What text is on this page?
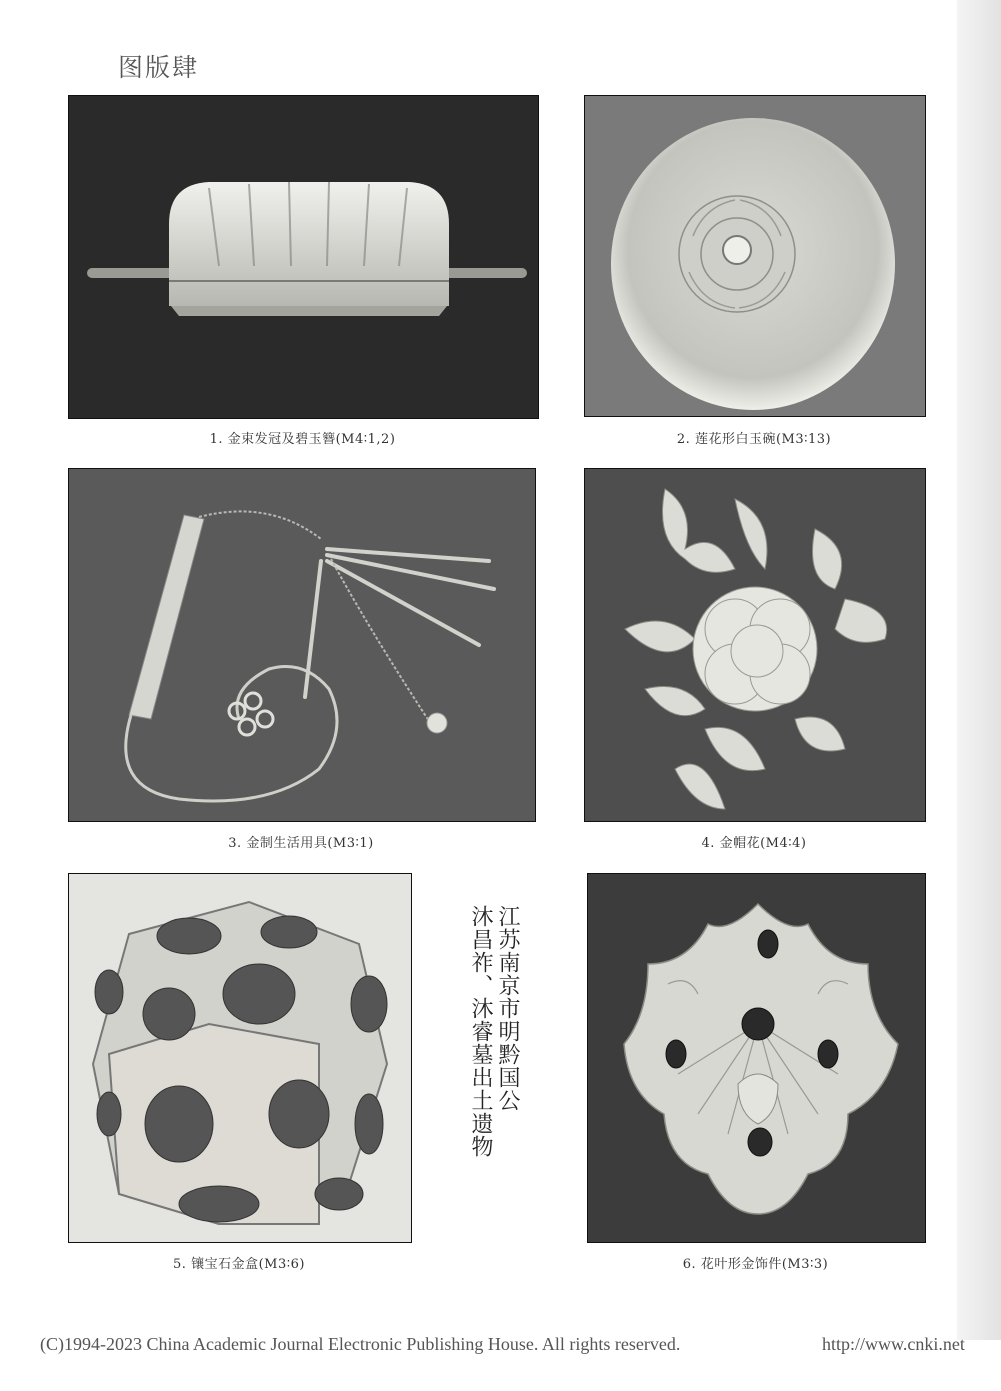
图版肆
1. 金束发冠及碧玉簪(M4∶1,2)	2. 莲花形白玉碗(M3∶13)
3. 金制生活用具(M3∶1)	4. 金帽花(M4∶4)
5. 镶宝石金盒(M3∶6)
江苏南京市明黔国公
沐昌祚、沐睿墓出土遗物
6. 花叶形金饰件(M3∶3)
(C)1994-2023 China Academic Journal Electronic Publishing House. All rights reserved.	http://www.cnki.net
